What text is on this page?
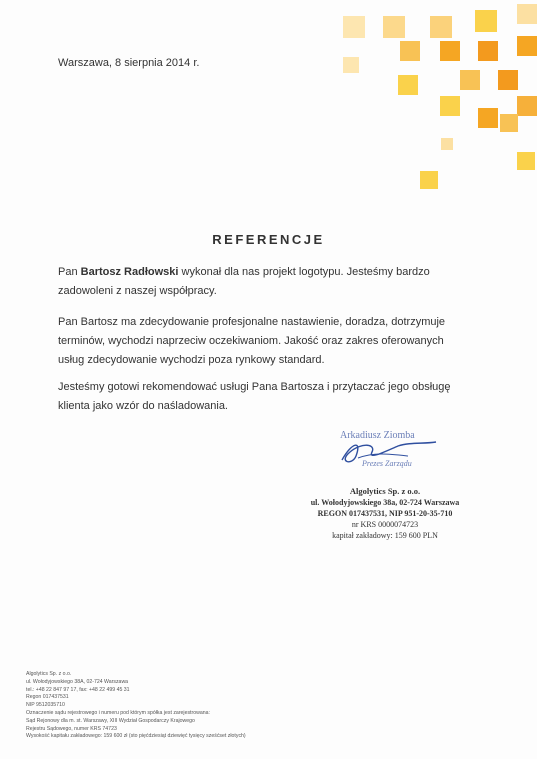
Warszawa, 8 sierpnia 2014 r.
REFERENCJE

Pan Bartosz Radłowski wykonał dla nas projekt logotypu. Jesteśmy bardzo
zadowoleni z naszej współpracy.

Pan Bartosz ma zdecydowanie profesjonalne nastawienie, doradza, dotrzymuje
terminów, wychodzi naprzeciw oczekiwaniom. Jakość oraz zakres oferowanych
usług zdecydowanie wychodzi poza rynkowy standard.

Jesteśmy gotowi rekomendować usługi Pana Bartosza i przytaczać jego obsługę
klienta jako wzór do naśladowania.

Arkadiusz Ziomba
Prezes Zarządu
Algolytics Sp. z o.o.
ul. Wołodyjowskiego 38a, 02-724 Warszawa
REGON 017437531, NIP 951-20-35-710
nr KRS 0000074723
kapitał zakładowy: 159 600 PLN
Algolytics Sp. z o.o.
ul. Wołodyjowskiego 38A, 02-724 Warszawa
tel.: +48 22 847 97 17, fax: +48 22 499 45 31
Regon 017437531
NIP 9512035710
Oznaczenie sądu rejestrowego i numeru pod którym spółka jest zarejestrowana:
Sąd Rejonowy dla m. st. Warszawy, XIII Wydział Gospodarczy Krajowego
Rejestru Sądowego, numer KRS 74723
Wysokość kapitału zakładowego: 159 600 zł (sto pięćdziesiąt dziewięć tysięcy sześćset złotych)
